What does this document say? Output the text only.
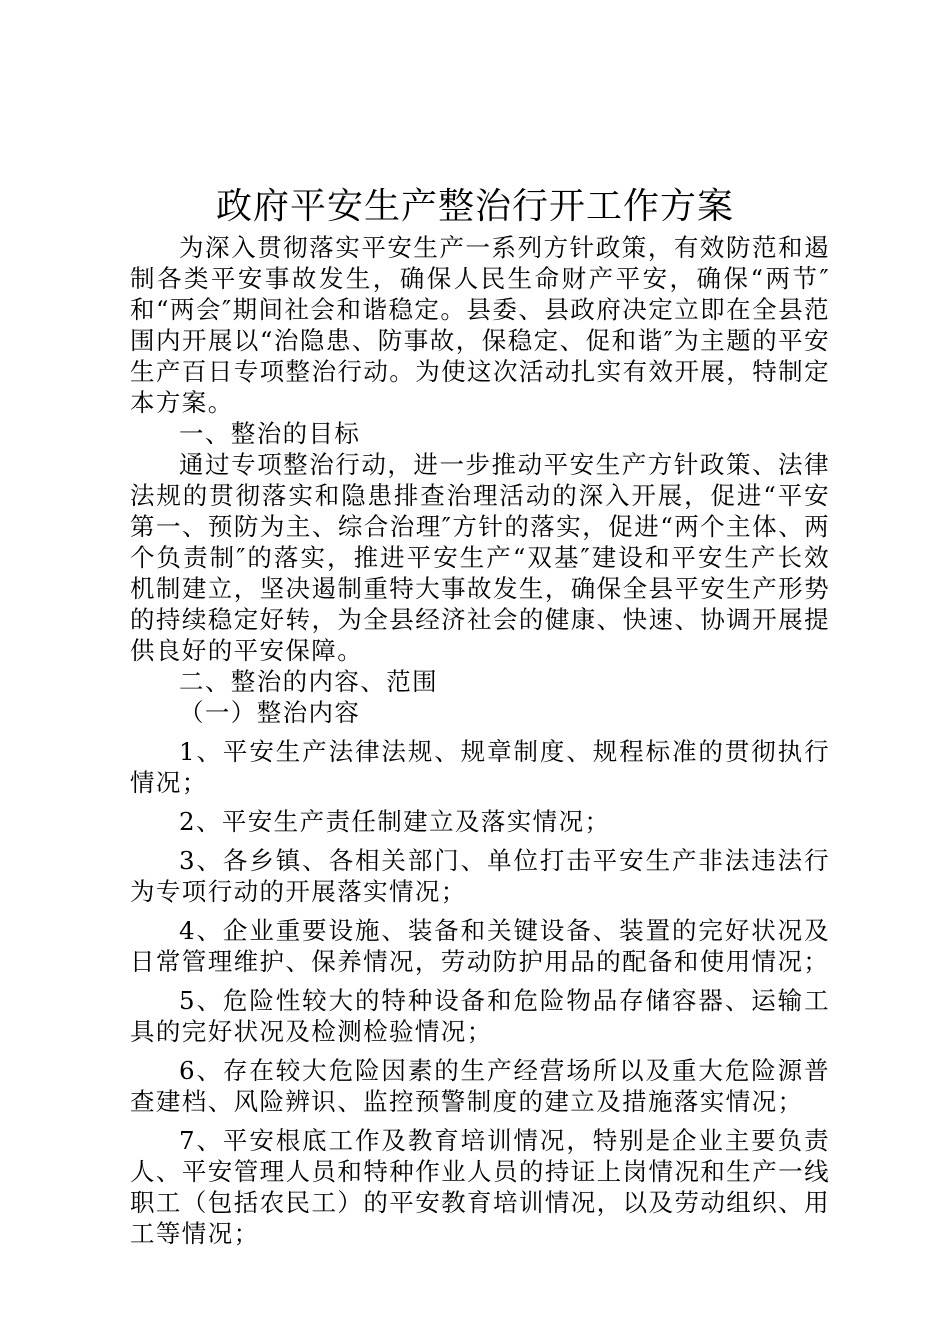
政府平安生产整治行开工作方案

为深入贯彻落实平安生产一系列方针政策，有效防范和遏制各类平安事故发生，确保人民生命财产平安，确保“两节″和“两会″期间社会和谐稳定。县委、县政府决定立即在全县范围内开展以“治隐患、防事故，保稳定、促和谐″为主题的平安生产百日专项整治行动。为使这次活动扎实有效开展，特制定本方案。

一、整治的目标

通过专项整治行动，进一步推动平安生产方针政策、法律法规的贯彻落实和隐患排查治理活动的深入开展，促进“平安第一、预防为主、综合治理″方针的落实，促进“两个主体、两个负责制″的落实，推进平安生产“双基″建设和平安生产长效机制建立，坚决遏制重特大事故发生，确保全县平安生产形势的持续稳定好转，为全县经济社会的健康、快速、协调开展提供良好的平安保障。

二、整治的内容、范围

（一）整治内容

1、平安生产法律法规、规章制度、规程标准的贯彻执行情况；

2、平安生产责任制建立及落实情况；

3、各乡镇、各相关部门、单位打击平安生产非法违法行为专项行动的开展落实情况；

4、企业重要设施、装备和关键设备、装置的完好状况及日常管理维护、保养情况，劳动防护用品的配备和使用情况；

5、危险性较大的特种设备和危险物品存储容器、运输工具的完好状况及检测检验情况；

6、存在较大危险因素的生产经营场所以及重大危险源普查建档、风险辨识、监控预警制度的建立及措施落实情况；

7、平安根底工作及教育培训情况，特别是企业主要负责人、平安管理人员和特种作业人员的持证上岗情况和生产一线职工（包括农民工）的平安教育培训情况，以及劳动组织、用工等情况；
